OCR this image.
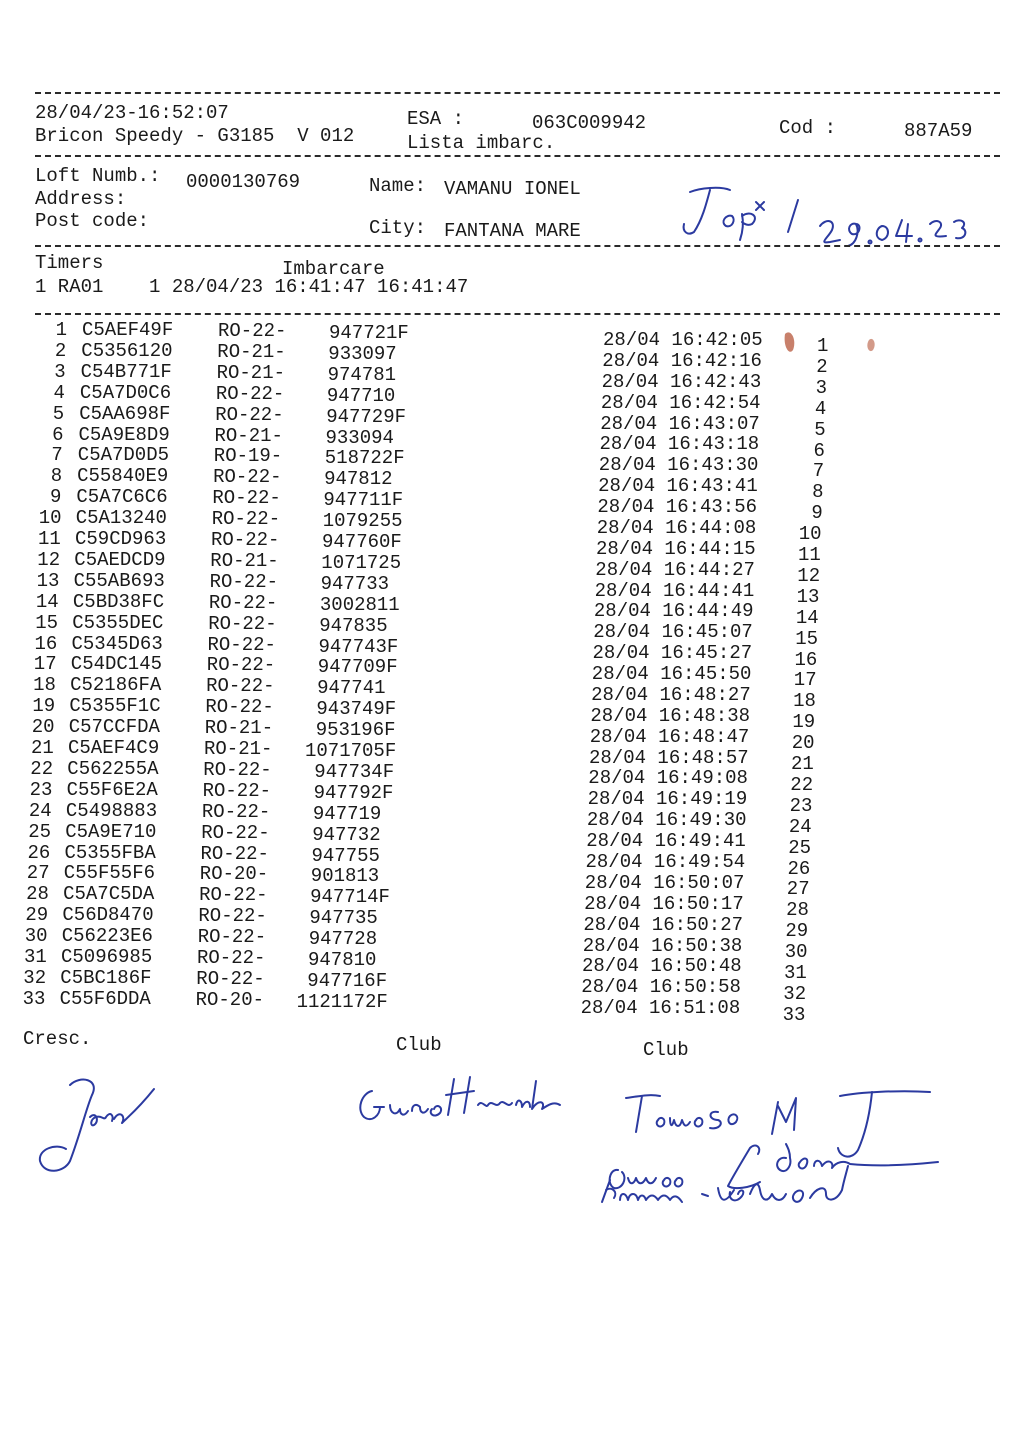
28/04/23-16:52:07
Bricon Speedy - G3185  V 012
ESA :	063C009942
Lista imbarc.
Cod :	887A59
Loft Numb.: 0000130769	Name: VAMANU IONEL
Address:
Post code:	City: FANTANA MARE
Timers	Imbarcare
1 RA01    1 28/04/23 16:41:47 16:41:47
1 C5AEF49F RO-22- 947721F	28/04 16:42:05	1
2 C5356120 RO-21- 933097	28/04 16:42:16	2
3 C54B771F RO-21- 974781	28/04 16:42:43	3
4 C5A7D0C6 RO-22- 947710	28/04 16:42:54	4
5 C5AA698F RO-22- 947729F	28/04 16:43:07	5
6 C5A9E8D9 RO-21- 933094	28/04 16:43:18	6
7 C5A7D0D5 RO-19- 518722F	28/04 16:43:30	7
8 C55840E9 RO-22- 947812	28/04 16:43:41	8
9 C5A7C6C6 RO-22- 947711F	28/04 16:43:56	9
10 C5A13240 RO-22- 1079255	28/04 16:44:08 10
11 C59CD963 RO-22- 947760F	28/04 16:44:15 11
12 C5AEDCD9 RO-21- 1071725	28/04 16:44:27 12
13 C55AB693 RO-22- 947733	28/04 16:44:41 13
14 C5BD38FC RO-22- 3002811	28/04 16:44:49 14
15 C5355DEC RO-22- 947835	28/04 16:45:07 15
16 C5345D63 RO-22- 947743F	28/04 16:45:27 16
17 C54DC145 RO-22- 947709F	28/04 16:45:50 17
18 C52186FA RO-22- 947741	28/04 16:48:27 18
19 C5355F1C RO-22- 943749F	28/04 16:48:38 19
20 C57CCFDA RO-21- 953196F	28/04 16:48:47 20
21 C5AEF4C9 RO-21- 1071705F	28/04 16:48:57 21
22 C562255A RO-22- 947734F	28/04 16:49:08 22
23 C55F6E2A RO-22- 947792F	28/04 16:49:19 23
24 C5498883 RO-22- 947719	28/04 16:49:30 24
25 C5A9E710 RO-22- 947732	28/04 16:49:41 25
26 C5355FBA RO-22- 947755	28/04 16:49:54 26
27 C55F55F6 RO-20- 901813	28/04 16:50:07 27
28 C5A7C5DA RO-22- 947714F	28/04 16:50:17 28
29 C56D8470 RO-22- 947735	28/04 16:50:27 29
30 C56223E6 RO-22- 947728	28/04 16:50:38 30
31 C5096985 RO-22- 947810	28/04 16:50:48 31
32 C5BC186F RO-22- 947716F	28/04 16:50:58 32
33 C55F6DDA RO-20- 1121172F	28/04 16:51:08 33
Cresc.	Club	Club
